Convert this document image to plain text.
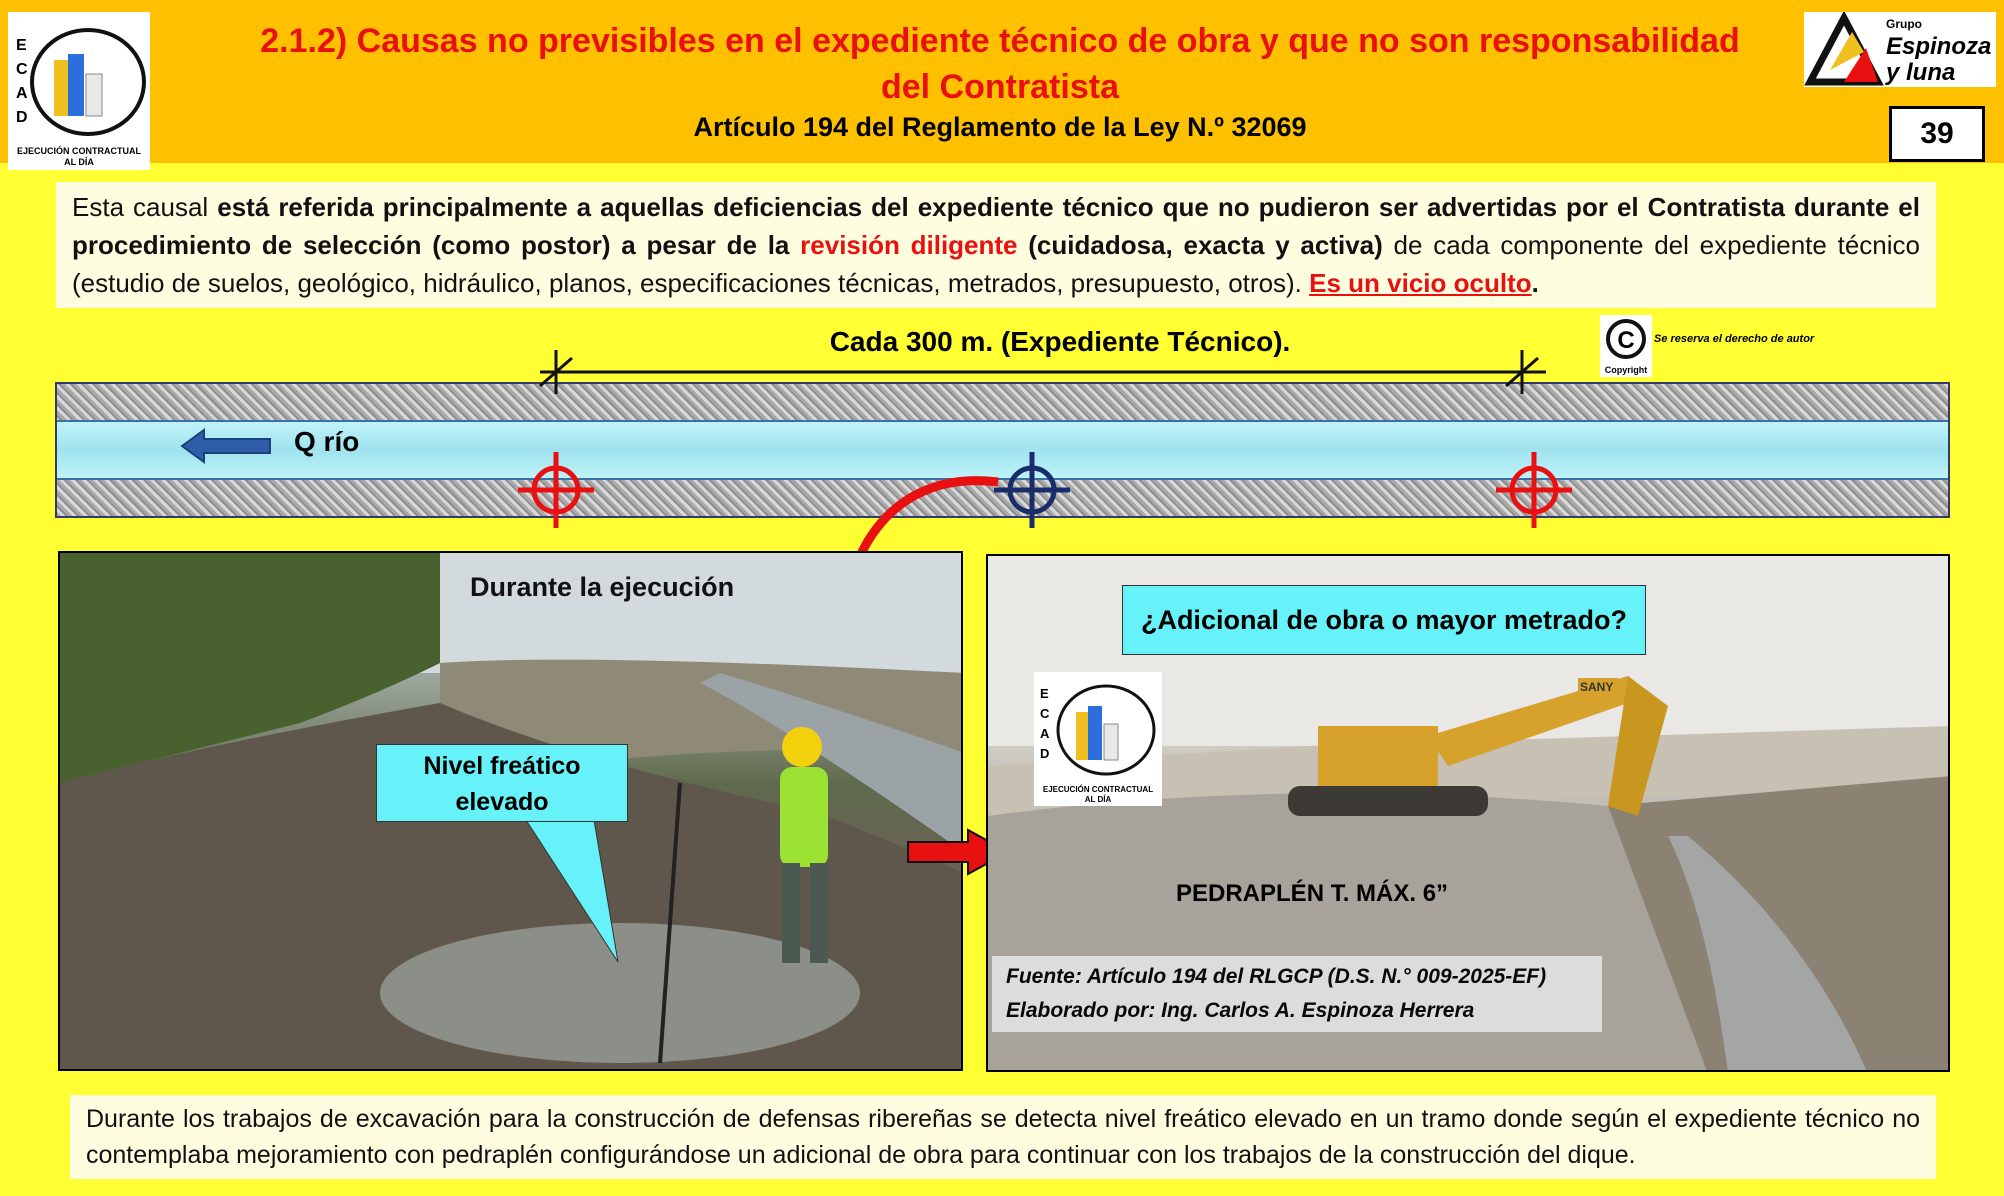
E
C
A
D
EJECUCIÓN CONTRACTUAL
AL DÍA
2.1.2) Causas no previsibles en el expediente técnico de obra y que no son responsabilidad
del Contratista
Artículo 194 del Reglamento de la Ley N.º 32069
Grupo
Espinoza
y luna
39
Esta causal está referida principalmente a aquellas deficiencias del expediente técnico que no pudieron ser advertidas por el Contratista durante el procedimiento de selección (como postor) a pesar de la revisión diligente (cuidadosa, exacta y activa) de cada componente del expediente técnico (estudio de suelos, geológico, hidráulico, planos, especificaciones técnicas, metrados, presupuesto, otros). Es un vicio oculto.
Cada 300 m. (Expediente Técnico).	C
Copyright
Se reserva el derecho de autor
Q río
Durante la ejecución
Nivel freático
elevado
SANY
¿Adicional de obra o mayor metrado?
E
C
A
D
EJECUCIÓN CONTRACTUAL
AL DÍA
PEDRAPLÉN T. MÁX. 6”
Fuente: Artículo 194 del RLGCP (D.S. N.° 009-2025-EF)
Elaborado por: Ing. Carlos A. Espinoza Herrera
Durante los trabajos de excavación para la construcción de defensas ribereñas se detecta nivel freático elevado en un tramo donde según el expediente técnico no contemplaba mejoramiento con pedraplén configurándose un adicional de obra para continuar con los trabajos de la construcción del dique.
